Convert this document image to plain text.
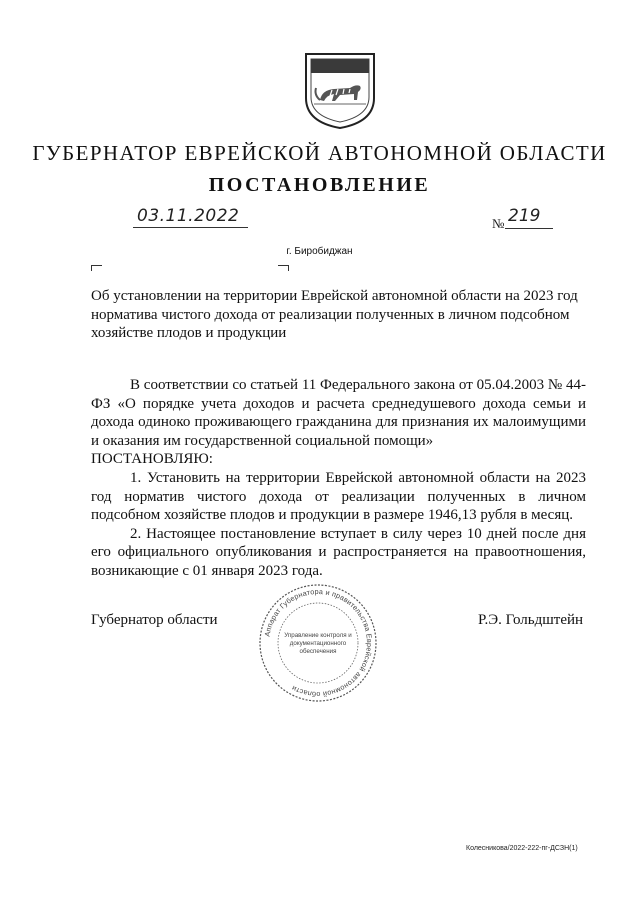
ГУБЕРНАТОР ЕВРЕЙСКОЙ АВТОНОМНОЙ ОБЛАСТИ
ПОСТАНОВЛЕНИЕ
03.11.2022	№ 219
г. Биробиджан
Об установлении на территории Еврейской автономной области на 2023 год норматива чистого дохода от реализации полученных в личном подсобном хозяйстве плодов и продукции

В соответствии со статьей 11 Федерального закона от 05.04.2003 № 44-ФЗ «О порядке учета доходов и расчета среднедушевого дохода семьи и дохода одиноко проживающего гражданина для признания их малоимущими и оказания им государственной социальной помощи»

ПОСТАНОВЛЯЮ:

1. Установить на территории Еврейской автономной области на 2023 год норматив чистого дохода от реализации полученных в личном подсобном хозяйстве плодов и продукции в размере 1946,13 рубля в месяц.

2. Настоящее постановление вступает в силу через 10 дней после дня его официального опубликования и распространяется на правоотношения, возникающие с 01 января 2023 года.

Губернатор области	Р.Э. Гольдштейн
Аппарат Губернатора и правительства Еврейской автономной области
Управление контроля и
документационного
обеспечения
Колесникова/2022-222-пг-ДСЗН(1)
